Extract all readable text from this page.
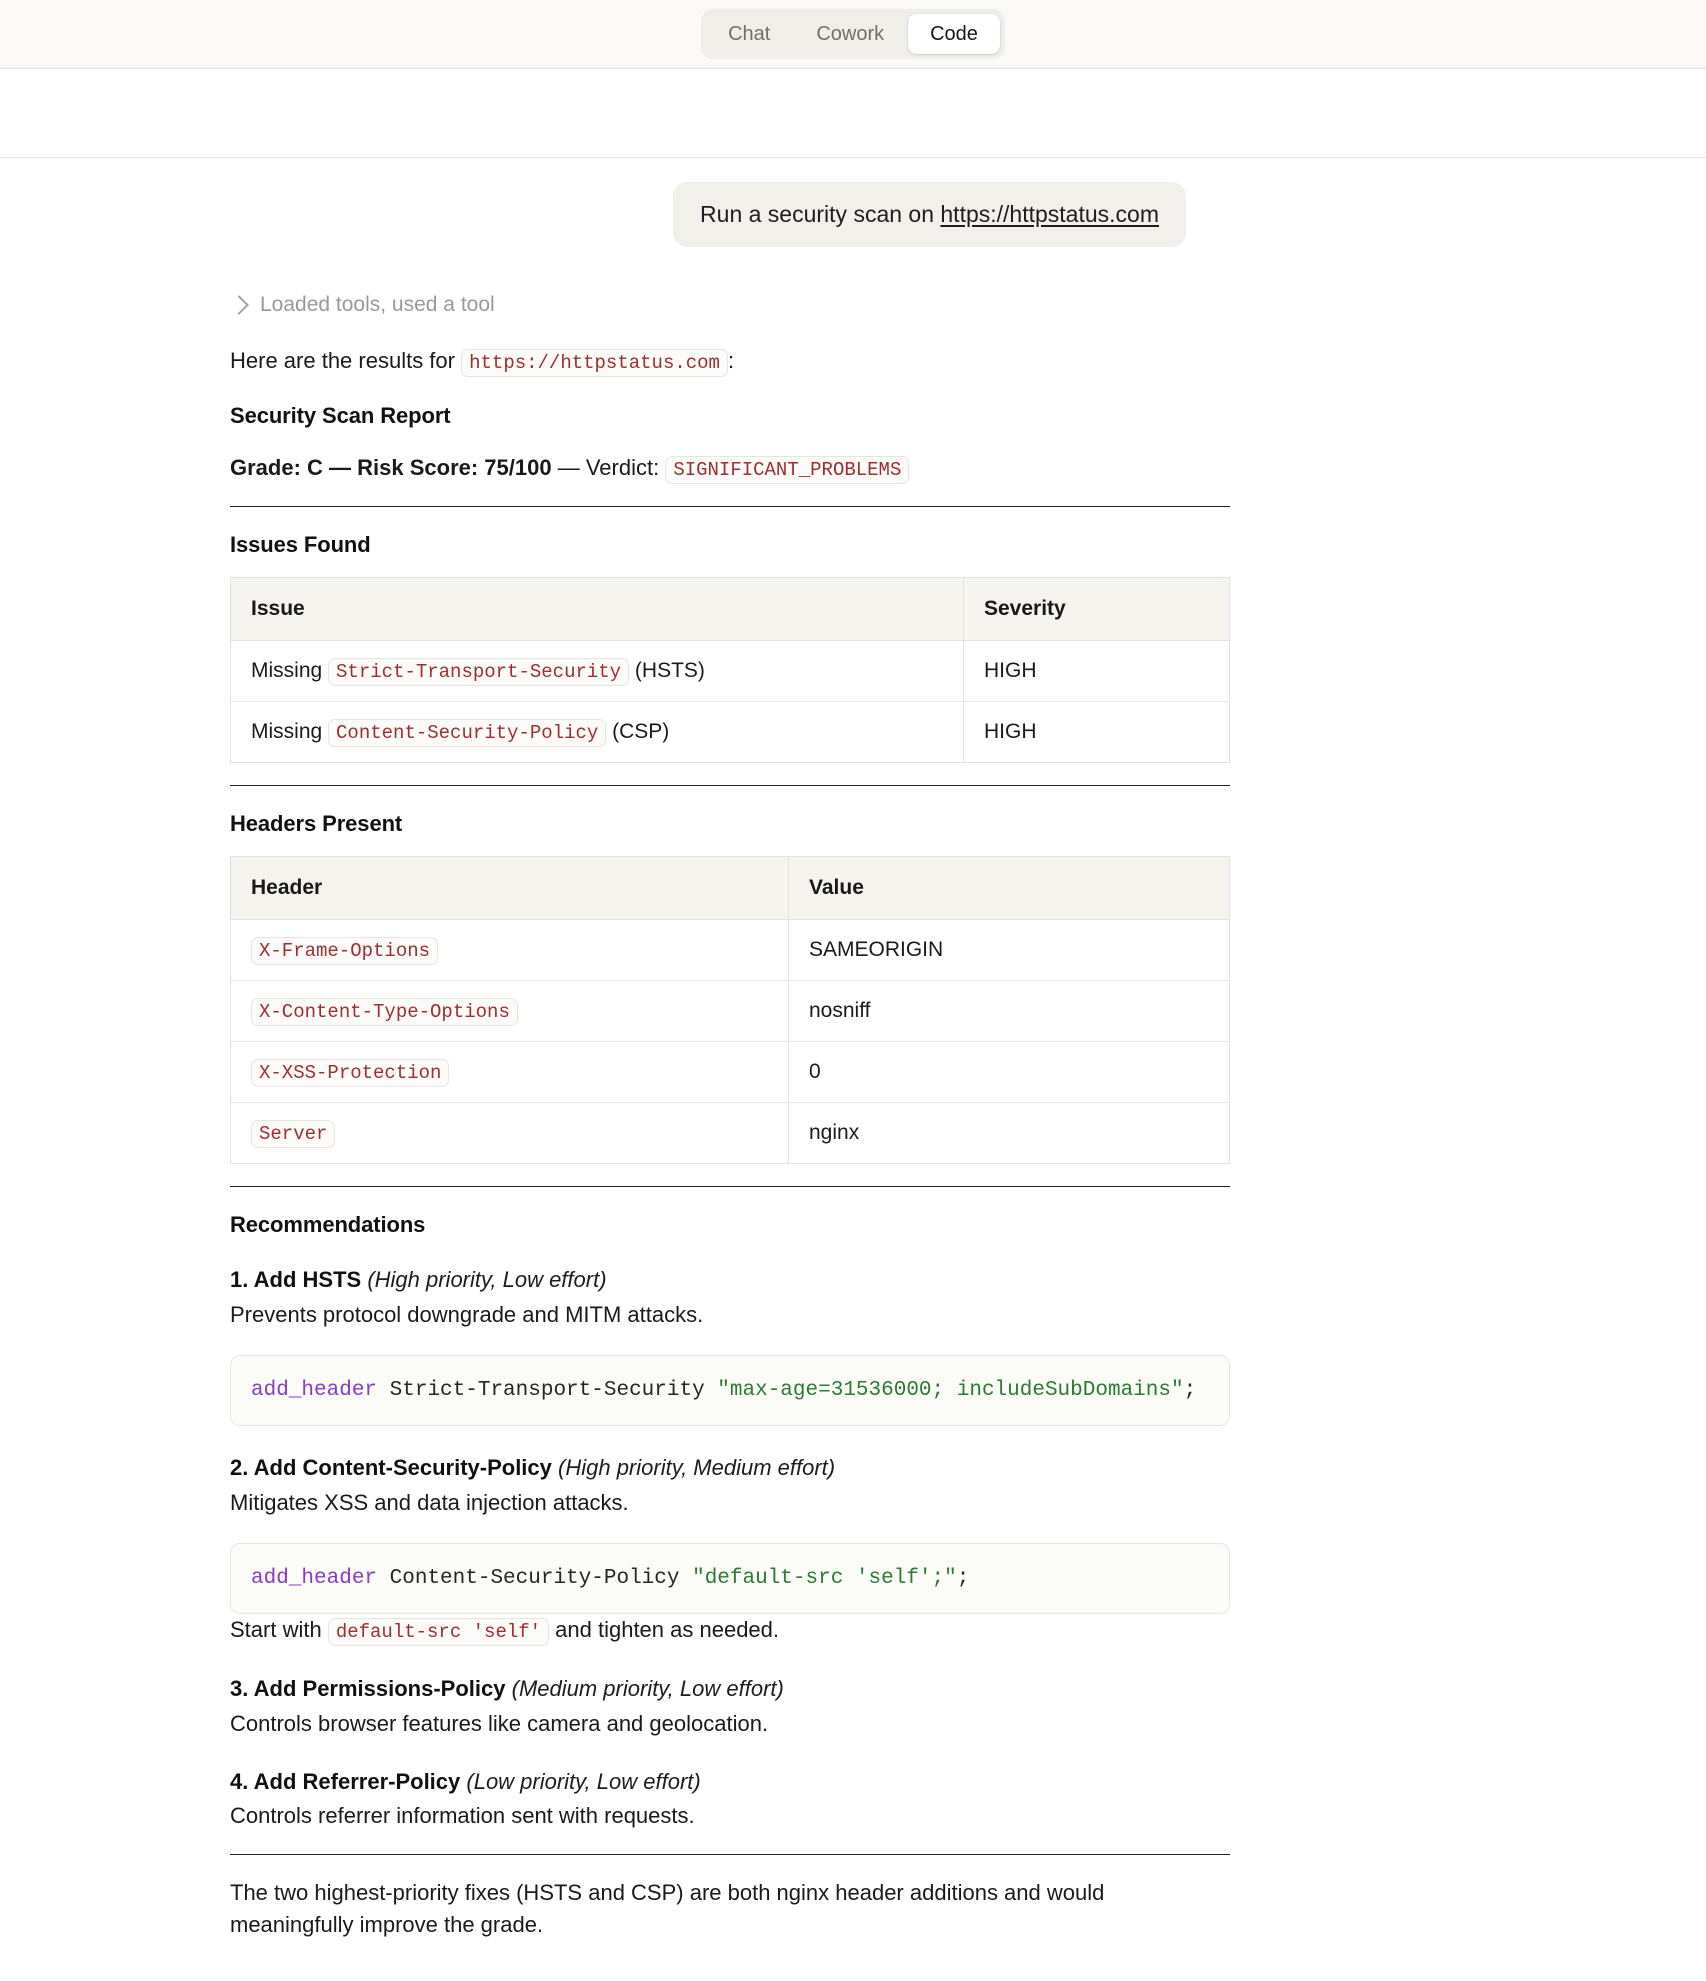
Chat	Cowork	Code
Run a security scan on https://httpstatus.com
Loaded tools, used a tool

Here are the results for https://httpstatus.com :

Security Scan Report

Grade: C — Risk Score: 75/100 — Verdict: SIGNIFICANT_PROBLEMS

Issues Found
Issue	Severity
Missing Strict-Transport-Security (HSTS)	HIGH
Missing Content-Security-Policy (CSP)	HIGH
Headers Present
Header	Value
X-Frame-Options	SAMEORIGIN
X-Content-Type-Options	nosniff
X-XSS-Protection	0
Server	nginx
Recommendations

1. Add HSTS (High priority, Low effort)

Prevents protocol downgrade and MITM attacks.

add_header Strict-Transport-Security "max-age=31536000; includeSubDomains";

2. Add Content-Security-Policy (High priority, Medium effort)

Mitigates XSS and data injection attacks.

add_header Content-Security-Policy "default-src 'self';";

Start with default-src 'self' and tighten as needed.

3. Add Permissions-Policy (Medium priority, Low effort)

Controls browser features like camera and geolocation.

4. Add Referrer-Policy (Low priority, Low effort)

Controls referrer information sent with requests.

The two highest-priority fixes (HSTS and CSP) are both nginx header additions and would meaningfully improve the grade.
